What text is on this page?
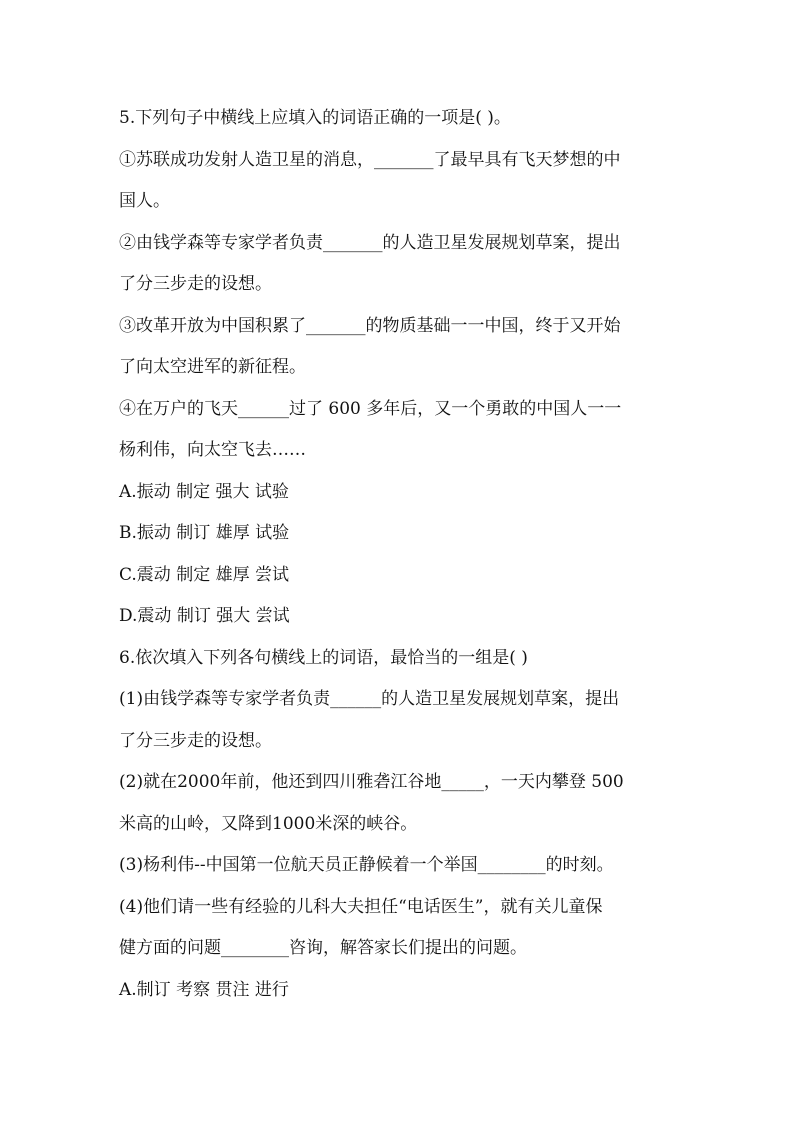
5.下列句子中横线上应填入的词语正确的一项是( )。
①苏联成功发射人造卫星的消息，_______了最早具有飞天梦想的中
国人。
②由钱学森等专家学者负责_______的人造卫星发展规划草案，提出
了分三步走的设想。
③改革开放为中国积累了_______的物质基础一一中国，终于又开始
了向太空进军的新征程。
④在万户的飞天______过了 600 多年后，又一个勇敢的中国人一一
杨利伟，向太空飞去……
A.振动 制定 强大 试验
B.振动 制订 雄厚 试验
C.震动 制定 雄厚 尝试
D.震动 制订 强大 尝试
6.依次填入下列各句横线上的词语，最恰当的一组是( )
(1)由钱学森等专家学者负责______的人造卫星发展规划草案，提出
了分三步走的设想。
(2)就在2000年前，他还到四川雅砻江谷地_____，一天内攀登 500
米高的山岭，又降到1000米深的峡谷。
(3)杨利伟--中国第一位航天员正静候着一个举国________的时刻。
(4)他们请一些有经验的儿科大夫担任“电话医生”，就有关儿童保
健方面的问题________咨询，解答家长们提出的问题。
A.制订 考察 贯注 进行
